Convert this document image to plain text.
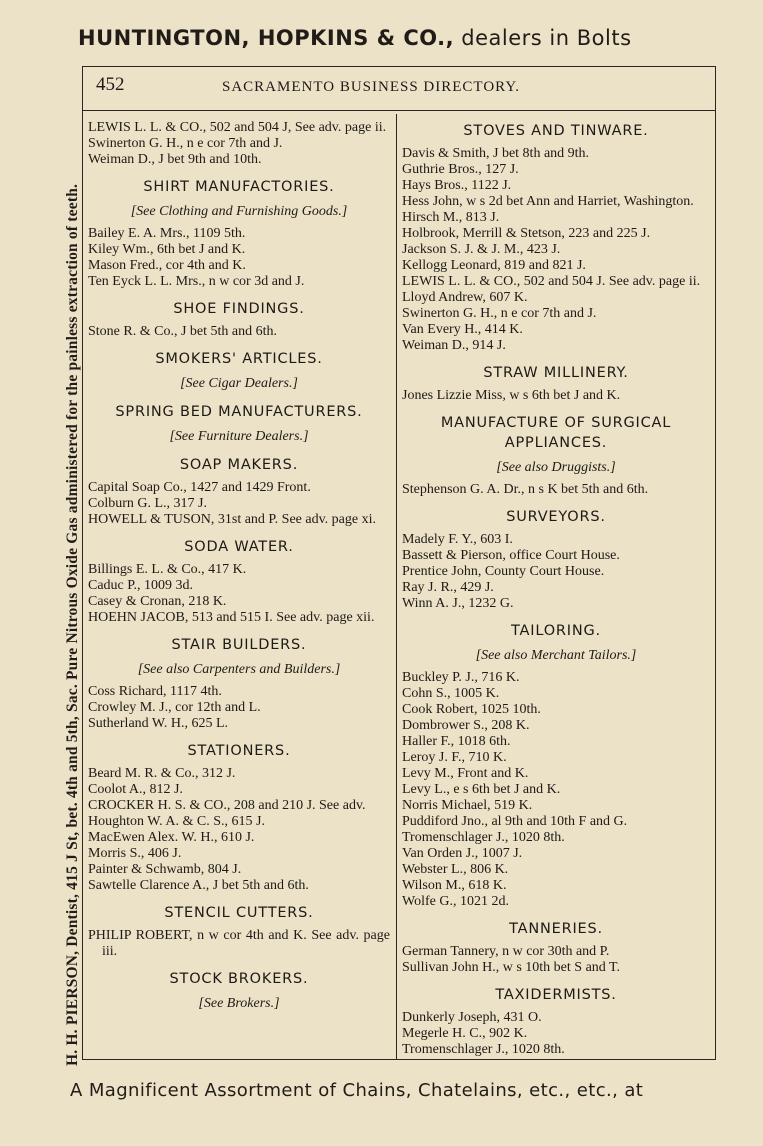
HUNTINGTON, HOPKINS & CO., dealers in Bolts
H. H. PIERSON, Dentist, 415 J St, bet. 4th and 5th, Sac. Pure Nitrous Oxide Gas administered for the painless extraction of teeth.
452	SACRAMENTO BUSINESS DIRECTORY.
LEWIS L. L. & CO., 502 and 504 J, See adv. page ii.
Swinerton G. H., n e cor 7th and J.
Weiman D., J bet 9th and 10th.
SHIRT MANUFACTORIES.
[See Clothing and Furnishing Goods.]
Bailey E. A. Mrs., 1109 5th.
Kiley Wm., 6th bet J and K.
Mason Fred., cor 4th and K.
Ten Eyck L. L. Mrs., n w cor 3d and J.
SHOE FINDINGS.
Stone R. & Co., J bet 5th and 6th.
SMOKERS' ARTICLES.
[See Cigar Dealers.]
SPRING BED MANUFACTURERS.
[See Furniture Dealers.]
SOAP MAKERS.
Capital Soap Co., 1427 and 1429 Front.
Colburn G. L., 317 J.
HOWELL & TUSON, 31st and P. See adv. page xi.
SODA WATER.
Billings E. L. & Co., 417 K.
Caduc P., 1009 3d.
Casey & Cronan, 218 K.
HOEHN JACOB, 513 and 515 I. See adv. page xii.
STAIR BUILDERS.
[See also Carpenters and Builders.]
Coss Richard, 1117 4th.
Crowley M. J., cor 12th and L.
Sutherland W. H., 625 L.
STATIONERS.
Beard M. R. & Co., 312 J.
Coolot A., 812 J.
CROCKER H. S. & CO., 208 and 210 J. See adv.
Houghton W. A. & C. S., 615 J.
MacEwen Alex. W. H., 610 J.
Morris S., 406 J.
Painter & Schwamb, 804 J.
Sawtelle Clarence A., J bet 5th and 6th.
STENCIL CUTTERS.
PHILIP ROBERT, n w cor 4th and K. See adv. page iii.
STOCK BROKERS.
[See Brokers.]
STOVES AND TINWARE.
Davis & Smith, J bet 8th and 9th.
Guthrie Bros., 127 J.
Hays Bros., 1122 J.
Hess John, w s 2d bet Ann and Harriet, Washington.
Hirsch M., 813 J.
Holbrook, Merrill & Stetson, 223 and 225 J.
Jackson S. J. & J. M., 423 J.
Kellogg Leonard, 819 and 821 J.
LEWIS L. L. & CO., 502 and 504 J. See adv. page ii.
Lloyd Andrew, 607 K.
Swinerton G. H., n e cor 7th and J.
Van Every H., 414 K.
Weiman D., 914 J.
STRAW MILLINERY.
Jones Lizzie Miss, w s 6th bet J and K.
MANUFACTURE OF SURGICAL APPLIANCES.
[See also Druggists.]
Stephenson G. A. Dr., n s K bet 5th and 6th.
SURVEYORS.
Madely F. Y., 603 I.
Bassett & Pierson, office Court House.
Prentice John, County Court House.
Ray J. R., 429 J.
Winn A. J., 1232 G.
TAILORING.
[See also Merchant Tailors.]
Buckley P. J., 716 K.
Cohn S., 1005 K.
Cook Robert, 1025 10th.
Dombrower S., 208 K.
Haller F., 1018 6th.
Leroy J. F., 710 K.
Levy M., Front and K.
Levy L., e s 6th bet J and K.
Norris Michael, 519 K.
Puddiford Jno., al 9th and 10th F and G.
Tromenschlager J., 1020 8th.
Van Orden J., 1007 J.
Webster L., 806 K.
Wilson M., 618 K.
Wolfe G., 1021 2d.
TANNERIES.
German Tannery, n w cor 30th and P.
Sullivan John H., w s 10th bet S and T.
TAXIDERMISTS.
Dunkerly Joseph, 431 O.
Megerle H. C., 902 K.
Tromenschlager J., 1020 8th.
A Magnificent Assortment of Chains, Chatelains, etc., etc., at
